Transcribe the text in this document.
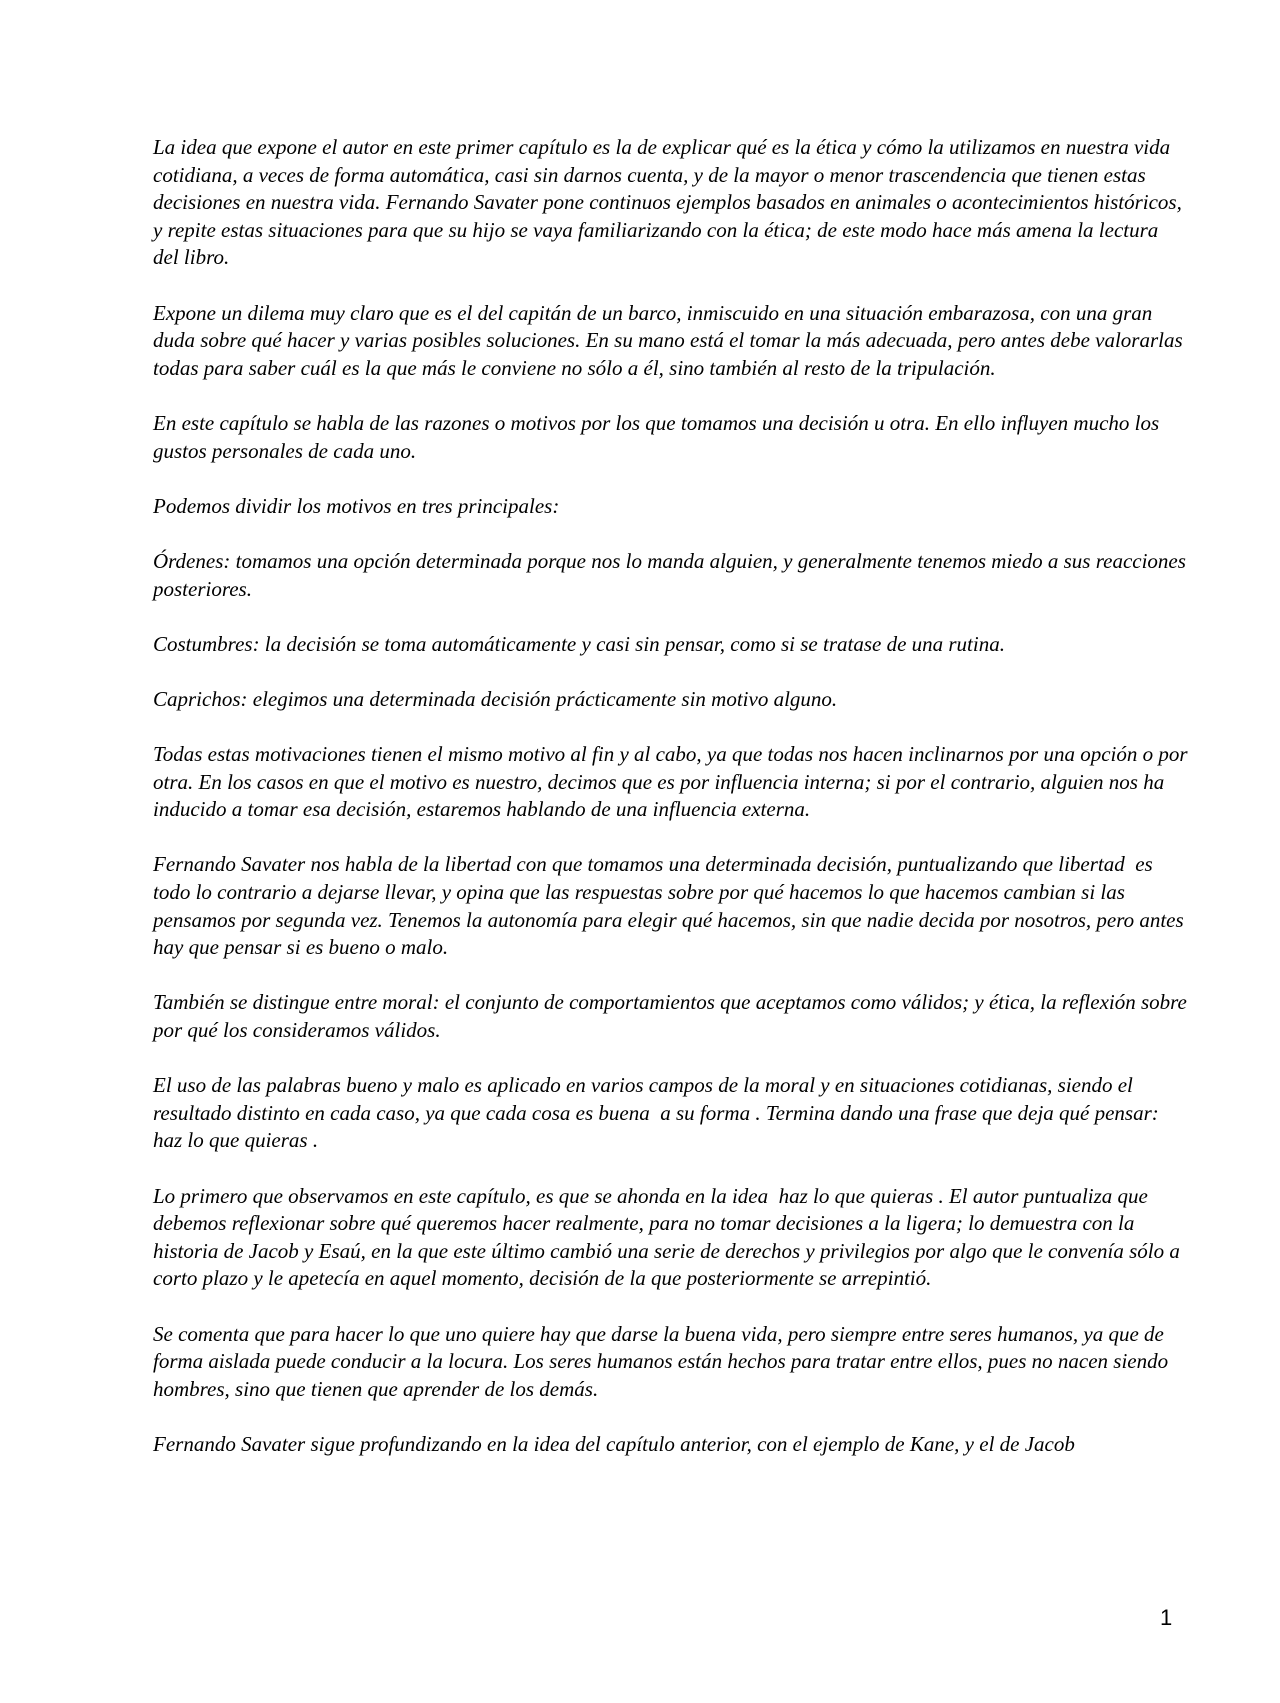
La idea que expone el autor en este primer capítulo es la de explicar qué es la ética y cómo la utilizamos en nuestra vida cotidiana, a veces de forma automática, casi sin darnos cuenta, y de la mayor o menor trascendencia que tienen estas decisiones en nuestra vida. Fernando Savater pone continuos ejemplos basados en animales o acontecimientos históricos, y repite estas situaciones para que su hijo se vaya familiarizando con la ética; de este modo hace más amena la lectura del libro.

Expone un dilema muy claro que es el del capitán de un barco, inmiscuido en una situación embarazosa, con una gran duda sobre qué hacer y varias posibles soluciones. En su mano está el tomar la más adecuada, pero antes debe valorarlas todas para saber cuál es la que más le conviene no sólo a él, sino también al resto de la tripulación.

En este capítulo se habla de las razones o motivos por los que tomamos una decisión u otra. En ello influyen mucho los gustos personales de cada uno.

Podemos dividir los motivos en tres principales:

Órdenes: tomamos una opción determinada porque nos lo manda alguien, y generalmente tenemos miedo a sus reacciones posteriores.

Costumbres: la decisión se toma automáticamente y casi sin pensar, como si se tratase de una rutina.

Caprichos: elegimos una determinada decisión prácticamente sin motivo alguno.

Todas estas motivaciones tienen el mismo motivo al fin y al cabo, ya que todas nos hacen inclinarnos por una opción o por otra. En los casos en que el motivo es nuestro, decimos que es por influencia interna; si por el contrario, alguien nos ha inducido a tomar esa decisión, estaremos hablando de una influencia externa.

Fernando Savater nos habla de la libertad con que tomamos una determinada decisión, puntualizando que libertad  es todo lo contrario a dejarse llevar, y opina que las respuestas sobre por qué hacemos lo que hacemos cambian si las pensamos por segunda vez. Tenemos la autonomía para elegir qué hacemos, sin que nadie decida por nosotros, pero antes hay que pensar si es bueno o malo.

También se distingue entre moral: el conjunto de comportamientos que aceptamos como válidos; y ética, la reflexión sobre por qué los consideramos válidos.

El uso de las palabras bueno y malo es aplicado en varios campos de la moral y en situaciones cotidianas, siendo el resultado distinto en cada caso, ya que cada cosa es buena  a su forma . Termina dando una frase que deja qué pensar:  haz lo que quieras .

Lo primero que observamos en este capítulo, es que se ahonda en la idea  haz lo que quieras . El autor puntualiza que debemos reflexionar sobre qué queremos hacer realmente, para no tomar decisiones a la ligera; lo demuestra con la historia de Jacob y Esaú, en la que este último cambió una serie de derechos y privilegios por algo que le convenía sólo a corto plazo y le apetecía en aquel momento, decisión de la que posteriormente se arrepintió.

Se comenta que para hacer lo que uno quiere hay que darse la buena vida, pero siempre entre seres humanos, ya que de forma aislada puede conducir a la locura. Los seres humanos están hechos para tratar entre ellos, pues no nacen siendo hombres, sino que tienen que aprender de los demás.

Fernando Savater sigue profundizando en la idea del capítulo anterior, con el ejemplo de Kane, y el de Jacob

1
